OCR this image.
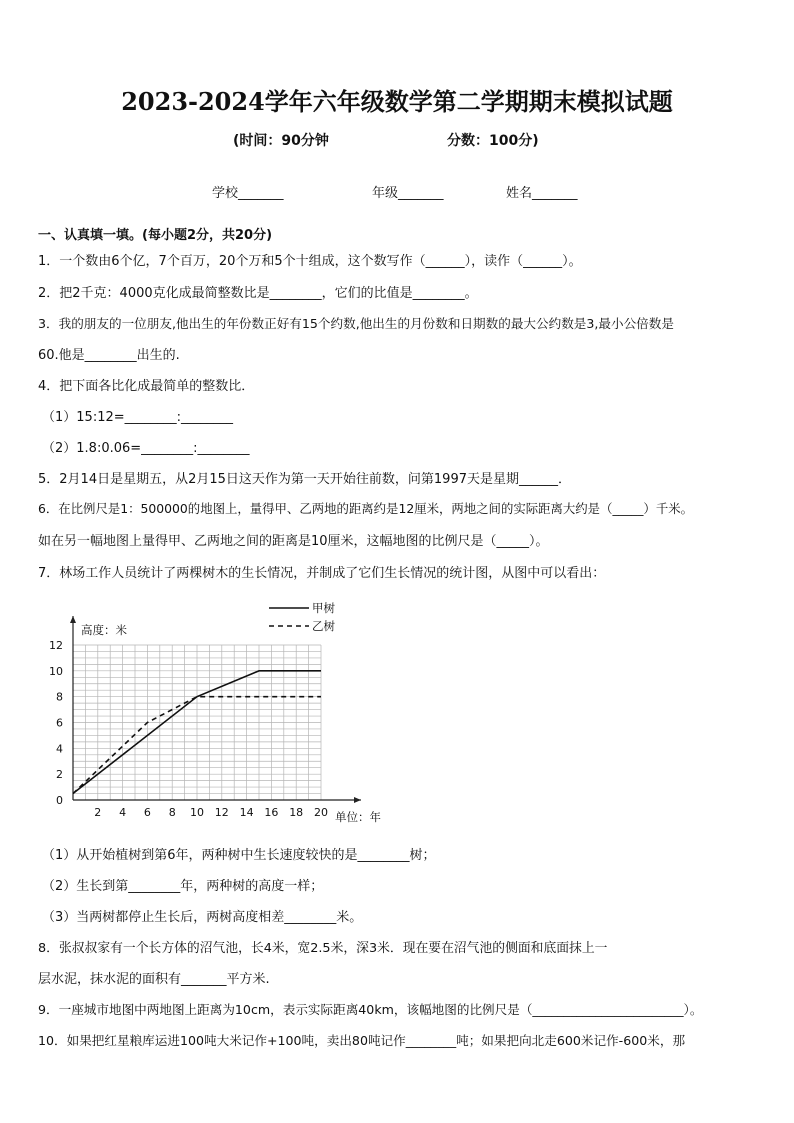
2023-2024学年六年级数学第二学期期末模拟试题
(时间：90分钟	分数：100分)
学校_______	年级_______	姓名_______
一、认真填一填。(每小题2分，共20分)
1．一个数由6个亿，7个百万，20个万和5个十组成，这个数写作（______），读作（______）。
2．把2千克：4000克化成最简整数比是________，它们的比值是________。
3．我的朋友的一位朋友,他出生的年份数正好有15个约数,他出生的月份数和日期数的最大公约数是3,最小公倍数是
60.他是________出生的.
4．把下面各比化成最简单的整数比．
（1）15:12=________:________
（2）1.8:0.06=________:________
5．2月14日是星期五，从2月15日这天作为第一天开始往前数，问第1997天是星期______．
6．在比例尺是1：500000的地图上，量得甲、乙两地的距离约是12厘米，两地之间的实际距离大约是（_____）千米。
如在另一幅地图上量得甲、乙两地之间的距离是10厘米，这幅地图的比例尺是（_____）。
7．林场工作人员统计了两棵树木的生长情况，并制成了它们生长情况的统计图，从图中可以看出：
2 4 6 8 10 12 14 16 18 20
0
2
4
6
8
10
12
高度：米
单位：年
甲树
乙树
（1）从开始植树到第6年，两种树中生长速度较快的是________树；
（2）生长到第________年，两种树的高度一样；
（3）当两树都停止生长后，两树高度相差________米。
8．张叔叔家有一个长方体的沼气池，长4米，宽2.5米，深3米．现在要在沼气池的侧面和底面抹上一
层水泥，抹水泥的面积有_______平方米.
9．一座城市地图中两地图上距离为10cm，表示实际距离40km，该幅地图的比例尺是（________________________）。
10．如果把红星粮库运进100吨大米记作+100吨，卖出80吨记作________吨；如果把向北走600米记作-600米，那
